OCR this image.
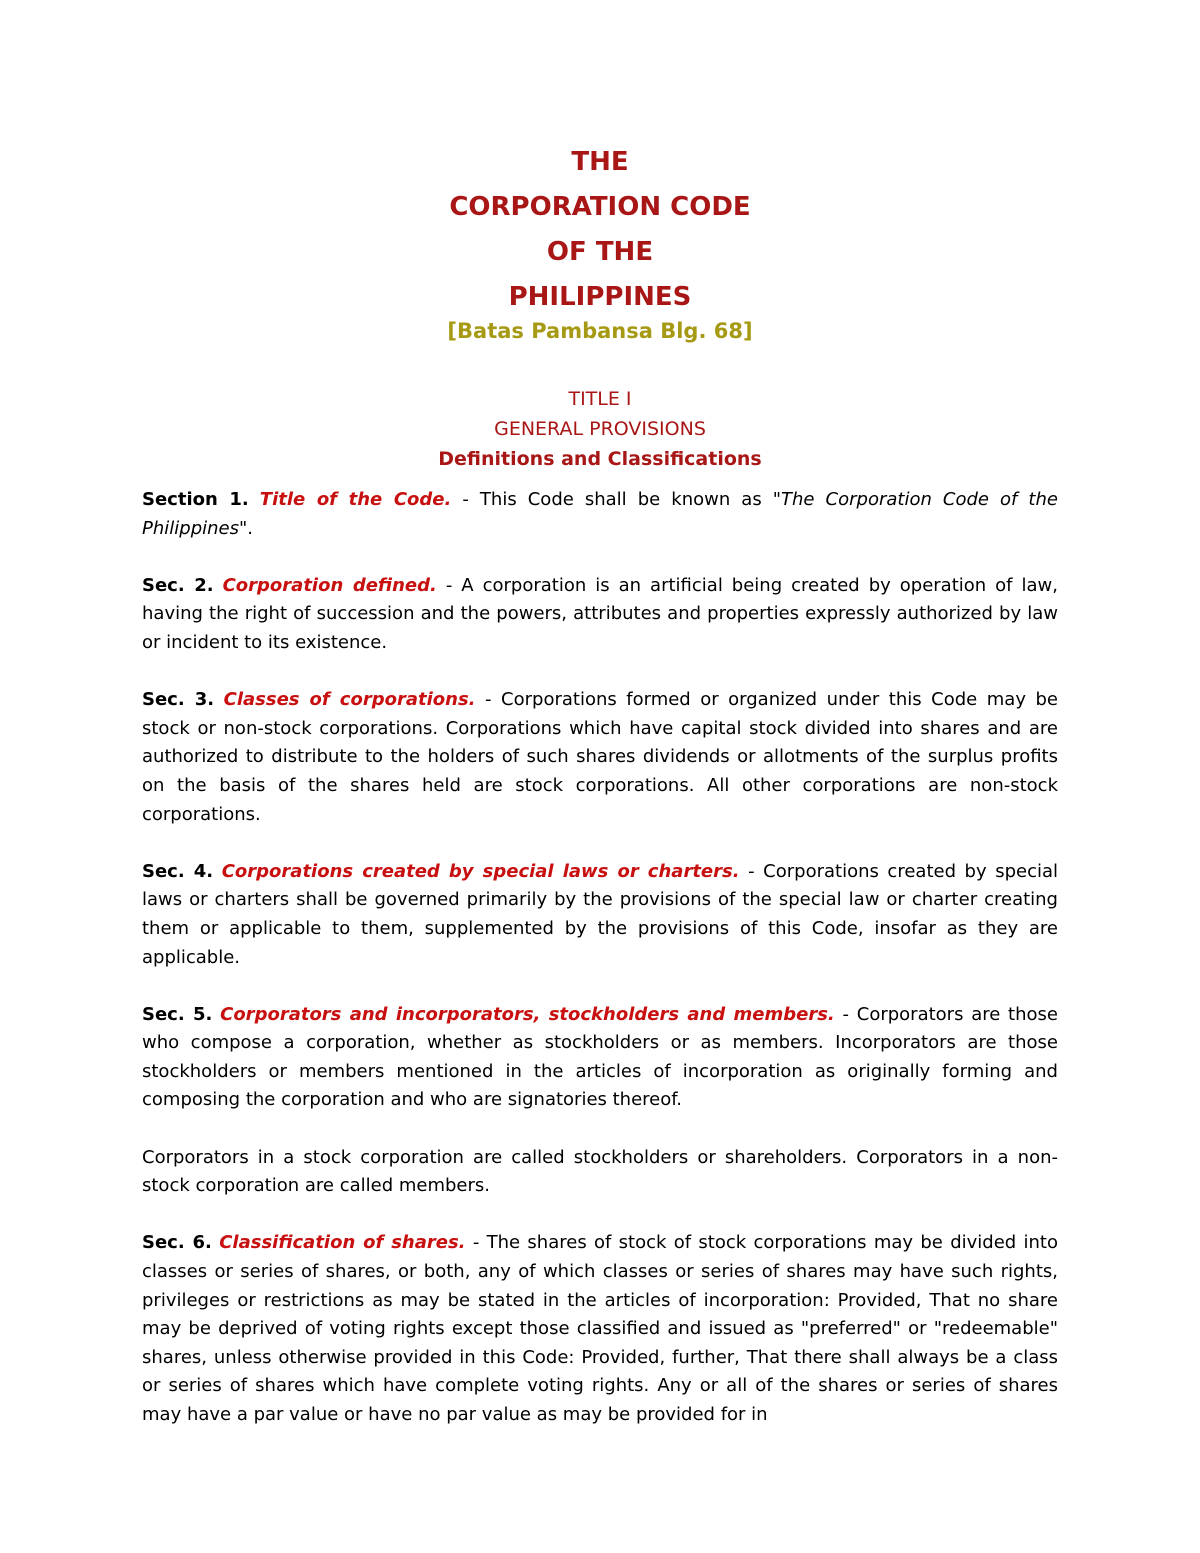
THE
CORPORATION CODE
OF THE
PHILIPPINES
[Batas Pambansa Blg. 68]
TITLE I
GENERAL PROVISIONS
Definitions and Classifications

Section 1. Title of the Code. - This Code shall be known as "The Corporation Code of the Philippines".

Sec. 2. Corporation defined. - A corporation is an artificial being created by operation of law, having the right of succession and the powers, attributes and properties expressly authorized by law or incident to its existence.

Sec. 3. Classes of corporations. - Corporations formed or organized under this Code may be stock or non-stock corporations. Corporations which have capital stock divided into shares and are authorized to distribute to the holders of such shares dividends or allotments of the surplus profits on the basis of the shares held are stock corporations. All other corporations are non-stock corporations.

Sec. 4. Corporations created by special laws or charters. - Corporations created by special laws or charters shall be governed primarily by the provisions of the special law or charter creating them or applicable to them, supplemented by the provisions of this Code, insofar as they are applicable.

Sec. 5. Corporators and incorporators, stockholders and members. - Corporators are those who compose a corporation, whether as stockholders or as members. Incorporators are those stockholders or members mentioned in the articles of incorporation as originally forming and composing the corporation and who are signatories thereof.

Corporators in a stock corporation are called stockholders or shareholders. Corporators in a non-stock corporation are called members.

Sec. 6. Classification of shares. - The shares of stock of stock corporations may be divided into classes or series of shares, or both, any of which classes or series of shares may have such rights, privileges or restrictions as may be stated in the articles of incorporation: Provided, That no share may be deprived of voting rights except those classified and issued as "preferred" or "redeemable" shares, unless otherwise provided in this Code: Provided, further, That there shall always be a class or series of shares which have complete voting rights. Any or all of the shares or series of shares may have a par value or have no par value as may be provided for in
